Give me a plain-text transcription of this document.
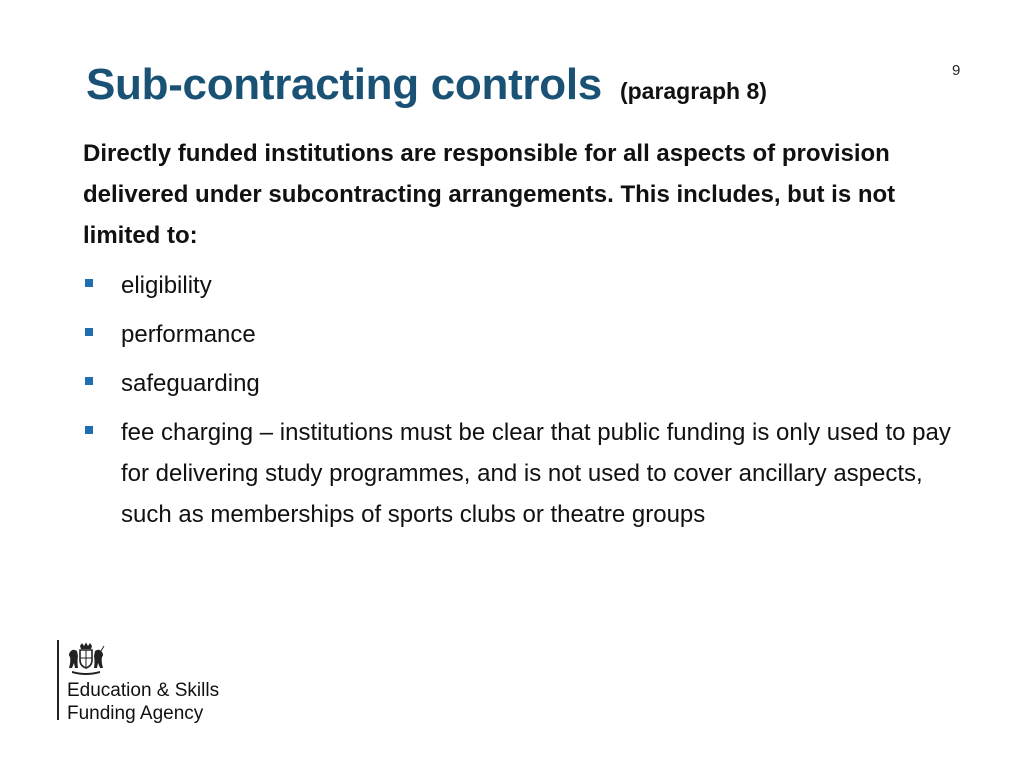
9
Sub-contracting controls (paragraph 8)
Directly funded institutions are responsible for all aspects of provision delivered under subcontracting arrangements. This includes, but is not limited to:
eligibility
performance
safeguarding
fee charging – institutions must be clear that public funding is only used to pay for delivering study programmes, and is not used to cover ancillary aspects, such as memberships of sports clubs or theatre groups
Education & Skills
Funding Agency
